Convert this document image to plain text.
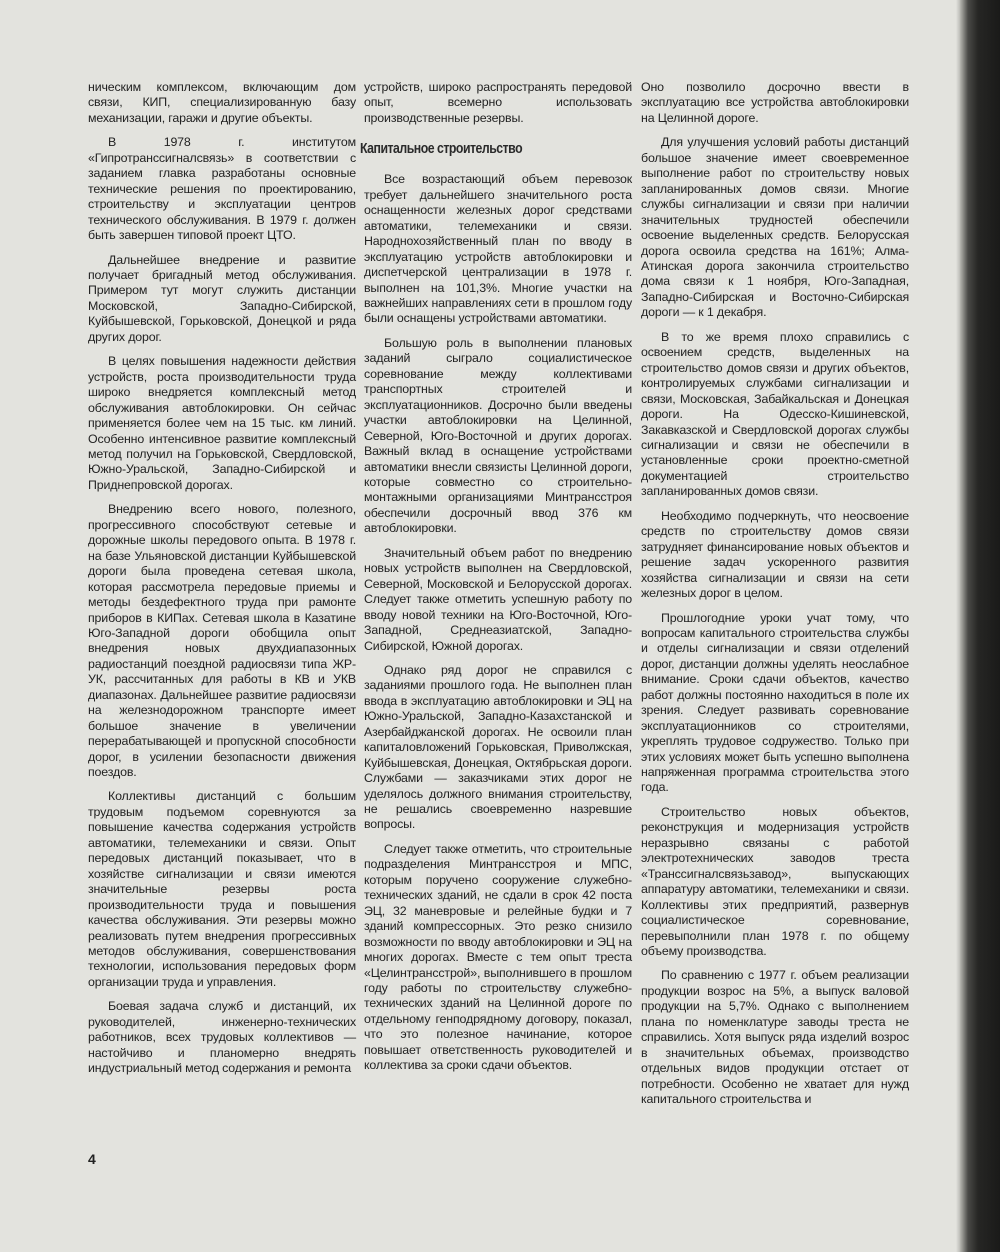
ническим комплексом, включающим дом связи, КИП, специализированную базу механизации, гаражи и другие объекты.

В 1978 г. институтом «Гипротранссигналсвязь» в соответствии с заданием главка разработаны основные технические решения по проектированию, строительству и эксплуатации центров технического обслуживания. В 1979 г. должен быть завершен типовой проект ЦТО.

Дальнейшее внедрение и развитие получает бригадный метод обслуживания. Примером тут могут служить дистанции Московской, Западно-Сибирской, Куйбышевской, Горьковской, Донецкой и ряда других дорог.

В целях повышения надежности действия устройств, роста производительности труда широко внедряется комплексный метод обслуживания автоблокировки. Он сейчас применяется более чем на 15 тыс. км линий. Особенно интенсивное развитие комплексный метод получил на Горьковской, Свердловской, Южно-Уральской, Западно-Сибирской и Приднепровской дорогах.

Внедрению всего нового, полезного, прогрессивного способствуют сетевые и дорожные школы передового опыта. В 1978 г. на базе Ульяновской дистанции Куйбышевской дороги была проведена сетевая школа, которая рассмотрела передовые приемы и методы бездефектного труда при рамонте приборов в КИПах. Сетевая школа в Казатине Юго-Западной дороги обобщила опыт внедрения новых двухдиапазонных радиостанций поездной радиосвязи типа ЖР-УК, рассчитанных для работы в КВ и УКВ диапазонах. Дальнейшее развитие радиосвязи на железнодорожном транспорте имеет большое значение в увеличении перерабатывающей и пропускной способности дорог, в усилении безопасности движения поездов.

Коллективы дистанций с большим трудовым подъемом соревнуются за повышение качества содержания устройств автоматики, телемеханики и связи. Опыт передовых дистанций показывает, что в хозяйстве сигнализации и связи имеются значительные резервы роста производительности труда и повышения качества обслуживания. Эти резервы можно реализовать путем внедрения прогрессивных методов обслуживания, совершенствования технологии, использования передовых форм организации труда и управления.

Боевая задача служб и дистанций, их руководителей, инженерно-технических работников, всех трудовых коллективов — настойчиво и планомерно внедрять индустриальный метод содержания и ремонта

устройств, широко распространять передовой опыт, всемерно использовать производственные резервы.

Капитальное строительство

Все возрастающий объем перевозок требует дальнейшего значительного роста оснащенности железных дорог средствами автоматики, телемеханики и связи. Народнохозяйственный план по вводу в эксплуатацию устройств автоблокировки и диспетчерской централизации в 1978 г. выполнен на 101,3%. Многие участки на важнейших направлениях сети в прошлом году были оснащены устройствами автоматики.

Большую роль в выполнении плановых заданий сыграло социалистическое соревнование между коллективами транспортных строителей и эксплуатационников. Досрочно были введены участки автоблокировки на Целинной, Северной, Юго-Восточной и других дорогах. Важный вклад в оснащение устройствами автоматики внесли связисты Целинной дороги, которые совместно со строительно-монтажными организациями Минтрансстроя обеспечили досрочный ввод 376 км автоблокировки.

Значительный объем работ по внедрению новых устройств выполнен на Свердловской, Северной, Московской и Белорусской дорогах. Следует также отметить успешную работу по вводу новой техники на Юго-Восточной, Юго-Западной, Среднеазиатской, Западно-Сибирской, Южной дорогах.

Однако ряд дорог не справился с заданиями прошлого года. Не выполнен план ввода в эксплуатацию автоблокировки и ЭЦ на Южно-Уральской, Западно-Казахстанской и Азербайджанской дорогах. Не освоили план капиталовложений Горьковская, Приволжская, Куйбышевская, Донецкая, Октябрьская дороги. Службами — заказчиками этих дорог не уделялось должного внимания строительству, не решались своевременно назревшие вопросы.

Следует также отметить, что строительные подразделения Минтрансстроя и МПС, которым поручено сооружение служебно-технических зданий, не сдали в срок 42 поста ЭЦ, 32 маневровые и релейные будки и 7 зданий компрессорных. Это резко снизило возможности по вводу автоблокировки и ЭЦ на многих дорогах. Вместе с тем опыт треста «Целинтрансстрой», выполнившего в прошлом году работы по строительству служебно-технических зданий на Целинной дороге по отдельному генподрядному договору, показал, что это полезное начинание, которое повышает ответственность руководителей и коллектива за сроки сдачи объектов.

Оно позволило досрочно ввести в эксплуатацию все устройства автоблокировки на Целинной дороге.

Для улучшения условий работы дистанций большое значение имеет своевременное выполнение работ по строительству новых запланированных домов связи. Многие службы сигнализации и связи при наличии значительных трудностей обеспечили освоение выделенных средств. Белорусская дорога освоила средства на 161%; Алма-Атинская дорога закончила строительство дома связи к 1 ноября, Юго-Западная, Западно-Сибирская и Восточно-Сибирская дороги — к 1 декабря.

В то же время плохо справились с освоением средств, выделенных на строительство домов связи и других объектов, контролируемых службами сигнализации и связи, Московская, Забайкальская и Донецкая дороги. На Одесско-Кишиневской, Закавказской и Свердловской дорогах службы сигнализации и связи не обеспечили в установленные сроки проектно-сметной документацией строительство запланированных домов связи.

Необходимо подчеркнуть, что неосвоение средств по строительству домов связи затрудняет финансирование новых объектов и решение задач ускоренного развития хозяйства сигнализации и связи на сети железных дорог в целом.

Прошлогодние уроки учат тому, что вопросам капитального строительства службы и отделы сигнализации и связи отделений дорог, дистанции должны уделять неослабное внимание. Сроки сдачи объектов, качество работ должны постоянно находиться в поле их зрения. Следует развивать соревнование эксплуатационников со строителями, укреплять трудовое содружество. Только при этих условиях может быть успешно выполнена напряженная программа строительства этого года.

Строительство новых объектов, реконструкция и модернизация устройств неразрывно связаны с работой электротехнических заводов треста «Транссигналсвязьзавод», выпускающих аппаратуру автоматики, телемеханики и связи. Коллективы этих предприятий, развернув социалистическое соревнование, перевыполнили план 1978 г. по общему объему производства.

По сравнению с 1977 г. объем реализации продукции возрос на 5%, а выпуск валовой продукции на 5,7%. Однако с выполнением плана по номенклатуре заводы треста не справились. Хотя выпуск ряда изделий возрос в значительных объемах, производство отдельных видов продукции отстает от потребности. Особенно не хватает для нужд капитального строительства и

4
